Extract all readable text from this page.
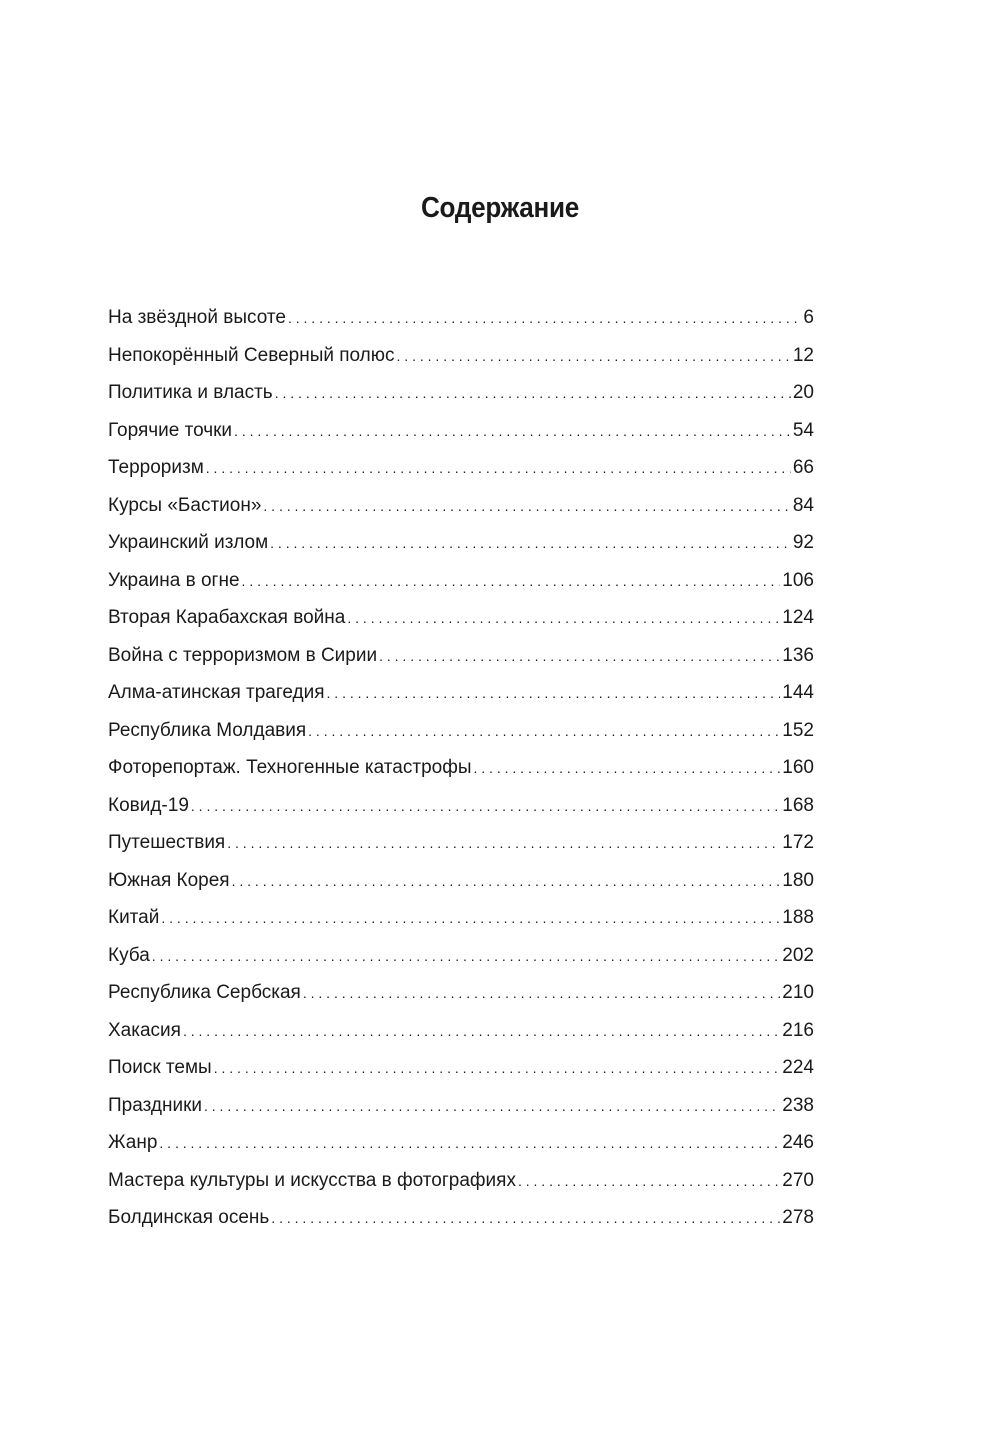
Содержание
На звёздной высоте . . .	6
Непокорённый Северный полюс . . .	12
Политика и власть . . .	20
Горячие точки . . .	54
Терроризм . . .	66
Курсы «Бастион» . . .	84
Украинский излом . . .	92
Украина в огне . . .	106
Вторая Карабахская война . . .	124
Война с терроризмом в Сирии . . .	136
Алма-атинская трагедия . . .	144
Республика Молдавия . . .	152
Фоторепортаж. Техногенные катастрофы . . .	160
Ковид-19 . . .	168
Путешествия . . .	172
Южная Корея . . .	180
Китай . . .	188
Куба . . .	202
Республика Сербская . . .	210
Хакасия . . .	216
Поиск темы . . .	224
Праздники . . .	238
Жанр . . .	246
Мастера культуры и искусства в фотографиях . . .	270
Болдинская осень . . .	278
